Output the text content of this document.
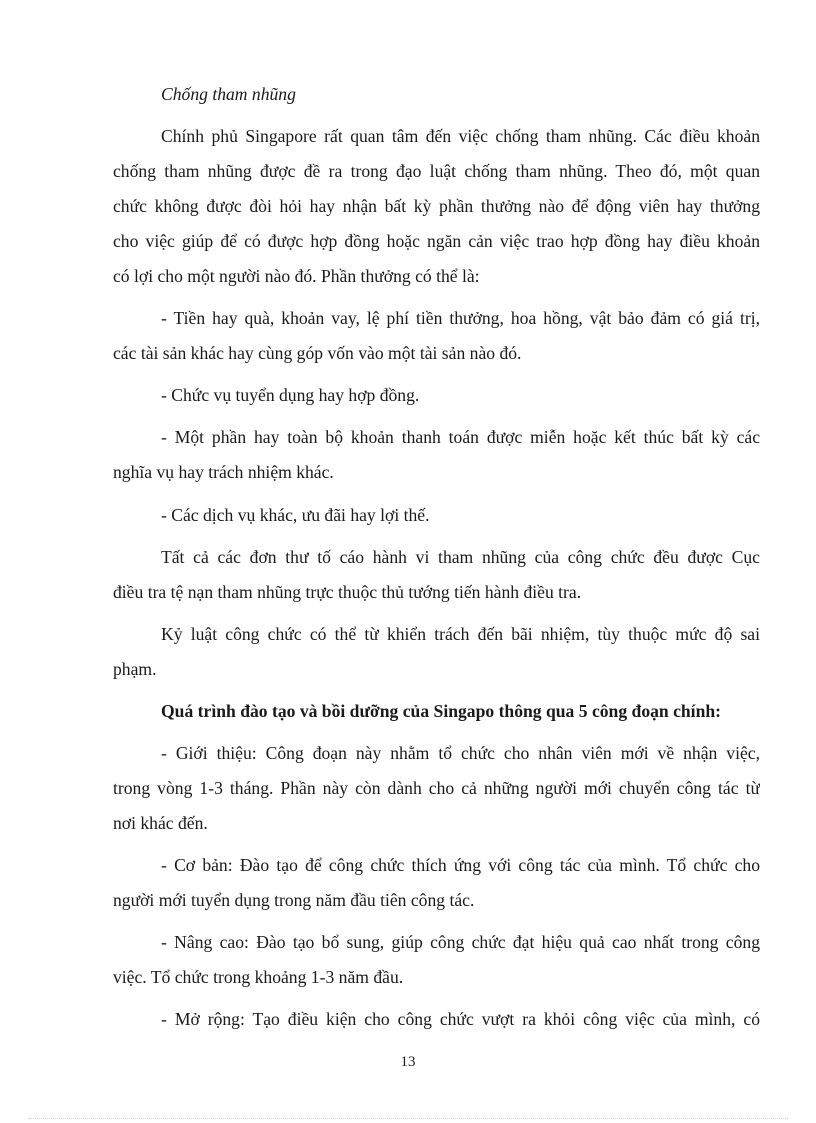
Chống tham nhũng
Chính phủ Singapore rất quan tâm đến việc chống tham nhũng. Các điều khoản
chống tham nhũng được đề ra trong đạo luật chống tham nhũng. Theo đó, một quan
chức không được đòi hỏi hay nhận bất kỳ phần thưởng nào để động viên hay thưởng
cho việc giúp để có được hợp đồng hoặc ngăn cản việc trao hợp đồng hay điều khoản
có lợi cho một người nào đó. Phần thưởng có thể là:
- Tiền hay quà, khoản vay, lệ phí tiền thưởng, hoa hồng, vật bảo đảm có giá trị,
các tài sản khác hay cùng góp vốn vào một tài sản nào đó.
- Chức vụ tuyển dụng hay hợp đồng.
- Một phần hay toàn bộ khoản thanh toán được miễn hoặc kết thúc bất kỳ các
nghĩa vụ hay trách nhiệm khác.
- Các dịch vụ khác, ưu đãi hay lợi thế.
Tất cả các đơn thư tố cáo hành vi tham nhũng của công chức đều được Cục
điều tra tệ nạn tham nhũng trực thuộc thủ tướng tiến hành điều tra.
Kỷ luật công chức có thể từ khiển trách đến bãi nhiệm, tùy thuộc mức độ sai
phạm.
Quá trình đào tạo và bồi dưỡng của Singapo thông qua 5 công đoạn chính:
- Giới thiệu: Công đoạn này nhằm tổ chức cho nhân viên mới về nhận việc,
trong vòng 1-3 tháng. Phần này còn dành cho cả những người mới chuyển công tác từ
nơi khác đến.
- Cơ bản: Đào tạo để công chức thích ứng với công tác của mình. Tổ chức cho
người mới tuyển dụng trong năm đầu tiên công tác.
- Nâng cao: Đào tạo bổ sung, giúp công chức đạt hiệu quả cao nhất trong công
việc. Tổ chức trong khoảng 1-3 năm đầu.
- Mở rộng: Tạo điều kiện cho công chức vượt ra khỏi công việc của mình, có
13
